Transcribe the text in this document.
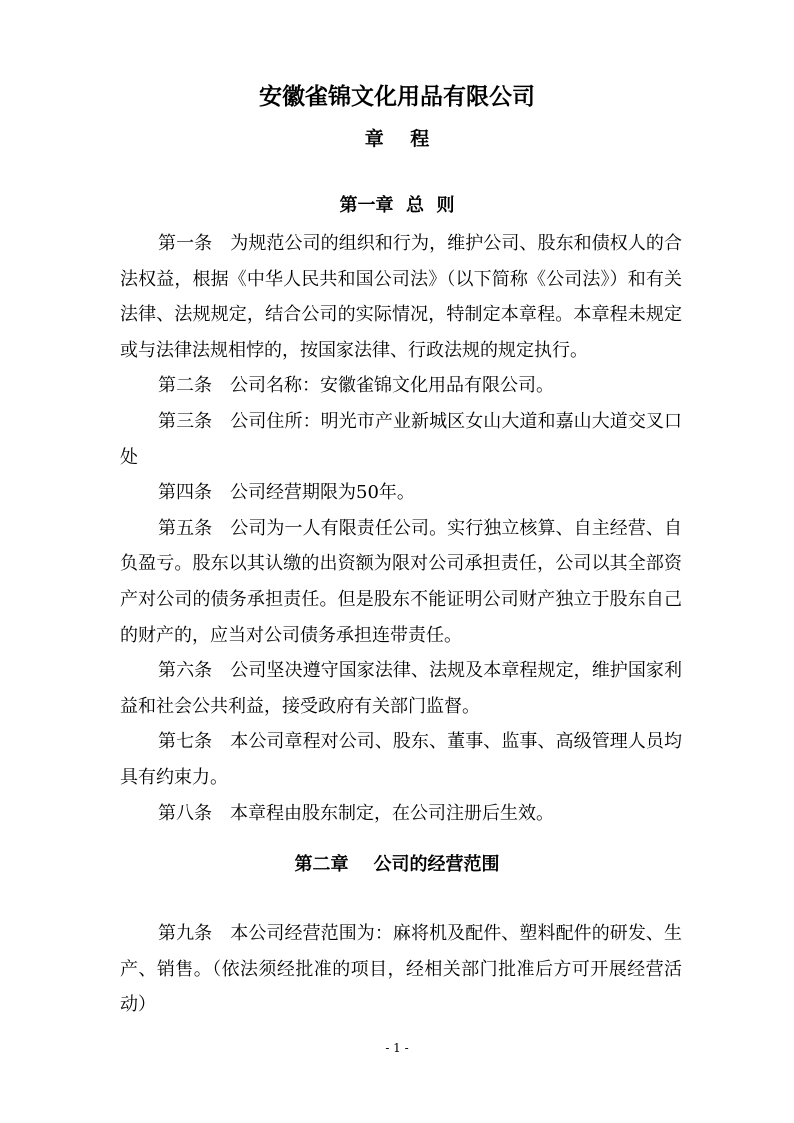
安徽雀锦文化用品有限公司
章    程
第一章  总  则

第一条 为规范公司的组织和行为，维护公司、股东和债权人的合法权益，根据《中华人民共和国公司法》（以下简称《公司法》）和有关法律、法规规定，结合公司的实际情况，特制定本章程。本章程未规定或与法律法规相悖的，按国家法律、行政法规的规定执行。

第二条 公司名称：安徽雀锦文化用品有限公司。

第三条 公司住所：明光市产业新城区女山大道和嘉山大道交叉口处

第四条 公司经营期限为50年。

第五条 公司为一人有限责任公司。实行独立核算、自主经营、自负盈亏。股东以其认缴的出资额为限对公司承担责任，公司以其全部资产对公司的债务承担责任。但是股东不能证明公司财产独立于股东自己的财产的，应当对公司债务承担连带责任。

第六条 公司坚决遵守国家法律、法规及本章程规定，维护国家利益和社会公共利益，接受政府有关部门监督。

第七条 本公司章程对公司、股东、董事、监事、高级管理人员均具有约束力。

第八条 本章程由股东制定，在公司注册后生效。

第二章    公司的经营范围

第九条 本公司经营范围为：麻将机及配件、塑料配件的研发、生产、销售。（依法须经批准的项目，经相关部门批准后方可开展经营活动）

- 1 -
